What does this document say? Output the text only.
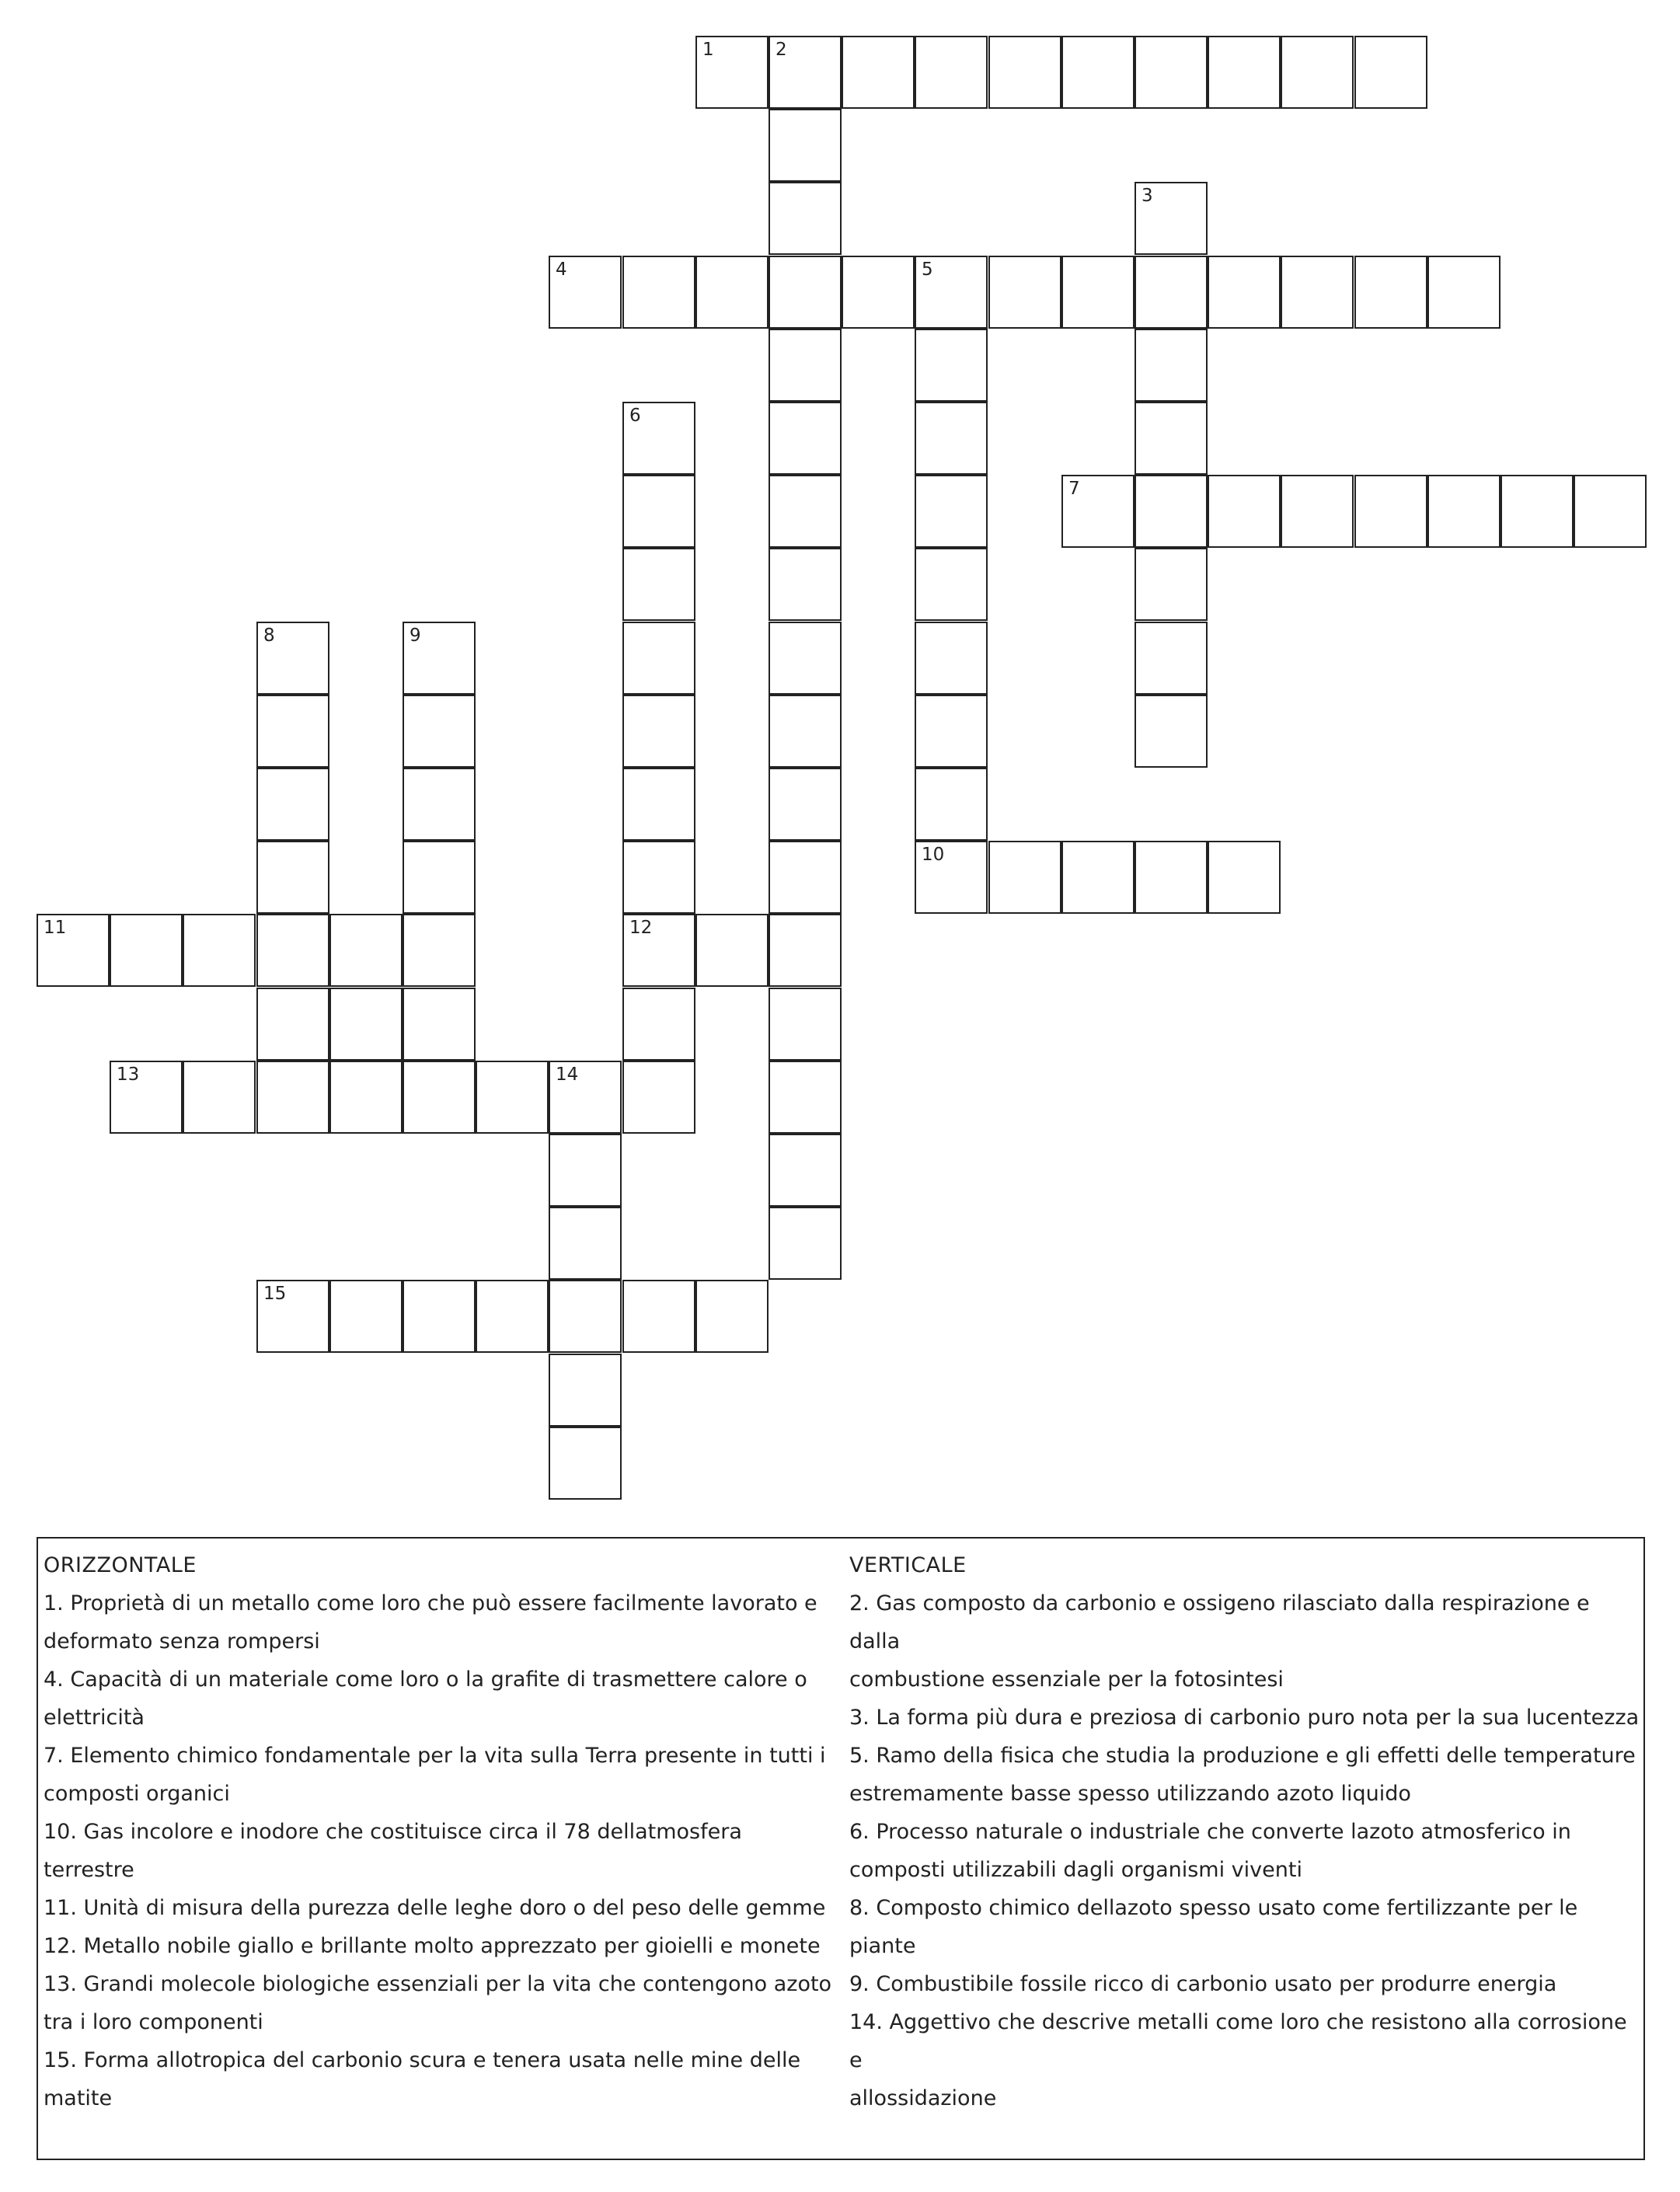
1	2
3
4	5
6
7
8	9
10
11	12
13	14
15

ORIZZONTALE

1. Proprietà di un metallo come loro che può essere facilmente lavorato e

deformato senza rompersi

4. Capacità di un materiale come loro o la grafite di trasmettere calore o

elettricità

7. Elemento chimico fondamentale per la vita sulla Terra presente in tutti i

composti organici

10. Gas incolore e inodore che costituisce circa il 78 dellatmosfera

terrestre

11. Unità di misura della purezza delle leghe doro o del peso delle gemme

12. Metallo nobile giallo e brillante molto apprezzato per gioielli e monete

13. Grandi molecole biologiche essenziali per la vita che contengono azoto

tra i loro componenti

15. Forma allotropica del carbonio scura e tenera usata nelle mine delle

matite

VERTICALE

2. Gas composto da carbonio e ossigeno rilasciato dalla respirazione e dalla

combustione essenziale per la fotosintesi

3. La forma più dura e preziosa di carbonio puro nota per la sua lucentezza

5. Ramo della fisica che studia la produzione e gli effetti delle temperature

estremamente basse spesso utilizzando azoto liquido

6. Processo naturale o industriale che converte lazoto atmosferico in

composti utilizzabili dagli organismi viventi

8. Composto chimico dellazoto spesso usato come fertilizzante per le piante

9. Combustibile fossile ricco di carbonio usato per produrre energia

14. Aggettivo che descrive metalli come loro che resistono alla corrosione e

allossidazione
